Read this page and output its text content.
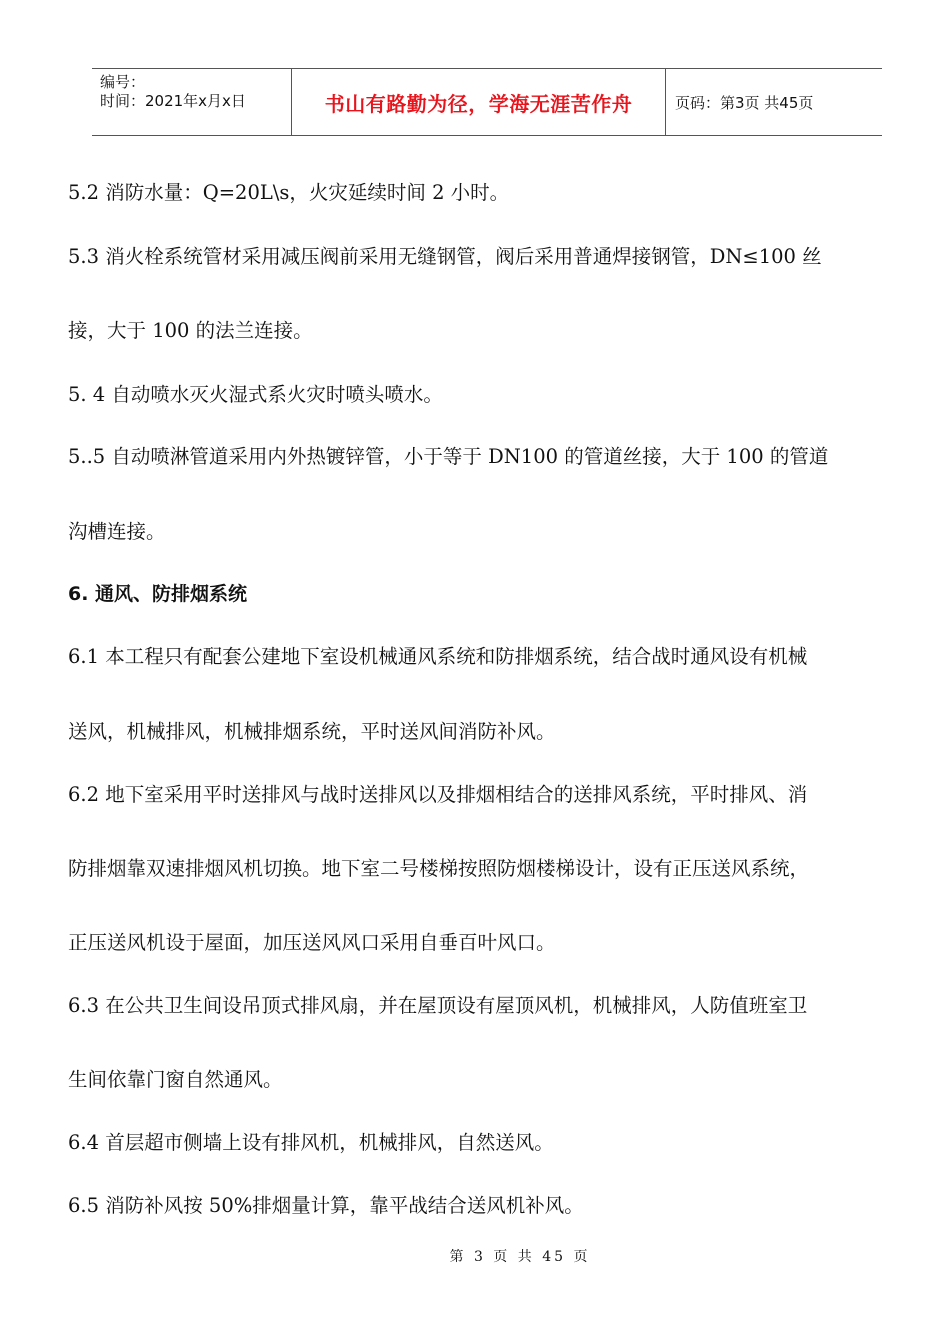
编号：
时间：2021年x月x日	书山有路勤为径，学海无涯苦作舟	页码：第3页 共45页
5.2 消防水量：Q=20L\s，火灾延续时间 2 小时。
5.3 消火栓系统管材采用减压阀前采用无缝钢管，阀后采用普通焊接钢管，DN≤100 丝
接，大于 100 的法兰连接。
5. 4 自动喷水灭火湿式系火灾时喷头喷水。
5..5 自动喷淋管道采用内外热镀锌管，小于等于 DN100 的管道丝接，大于 100 的管道
沟槽连接。
6. 通风、防排烟系统
6.1 本工程只有配套公建地下室设机械通风系统和防排烟系统，结合战时通风设有机械
送风，机械排风，机械排烟系统，平时送风间消防补风。
6.2 地下室采用平时送排风与战时送排风以及排烟相结合的送排风系统，平时排风、消
防排烟靠双速排烟风机切换。地下室二号楼梯按照防烟楼梯设计，设有正压送风系统，
正压送风机设于屋面，加压送风风口采用自垂百叶风口。
6.3 在公共卫生间设吊顶式排风扇，并在屋顶设有屋顶风机，机械排风，人防值班室卫
生间依靠门窗自然通风。
6.4 首层超市侧墙上设有排风机，机械排风，自然送风。
6.5 消防补风按 50%排烟量计算，靠平战结合送风机补风。
第 3 页 共 45 页
